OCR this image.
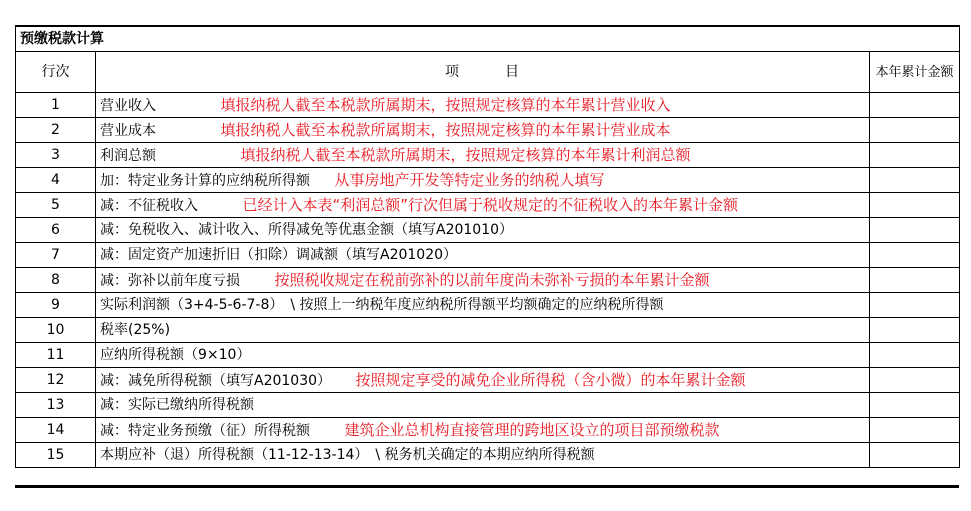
预缴税款计算		
行次	项　　　目	本年累计金额
1	营业收入 填报纳税人截至本税款所属期末，按照规定核算的本年累计营业收入	
2	营业成本 填报纳税人截至本税款所属期末，按照规定核算的本年累计营业成本	
3	利润总额 填报纳税人截至本税款所属期末，按照规定核算的本年累计利润总额	
4	加：特定业务计算的应纳税所得额 从事房地产开发等特定业务的纳税人填写	
5	减：不征税收入 已经计入本表“利润总额”行次但属于税收规定的不征税收入的本年累计金额	
6	减：免税收入、减计收入、所得减免等优惠金额（填写A201010）	
7	减：固定资产加速折旧（扣除）调减额（填写A201020）	
8	减：弥补以前年度亏损 按照税收规定在税前弥补的以前年度尚未弥补亏损的本年累计金额	
9	实际利润额（3+4-5-6-7-8）　\ 按照上一纳税年度应纳税所得额平均额确定的应纳税所得额	
10	税率(25%)	
11	应纳所得税额（9×10）	
12	减：减免所得税额（填写A201030） 按照规定享受的减免企业所得税（含小微）的本年累计金额	
13	减：实际已缴纳所得税额	
14	减：特定业务预缴（征）所得税额 建筑企业总机构直接管理的跨地区设立的项目部预缴税款	
15	本期应补（退）所得税额（11-12-13-14）　\ 税务机关确定的本期应纳所得税额	
